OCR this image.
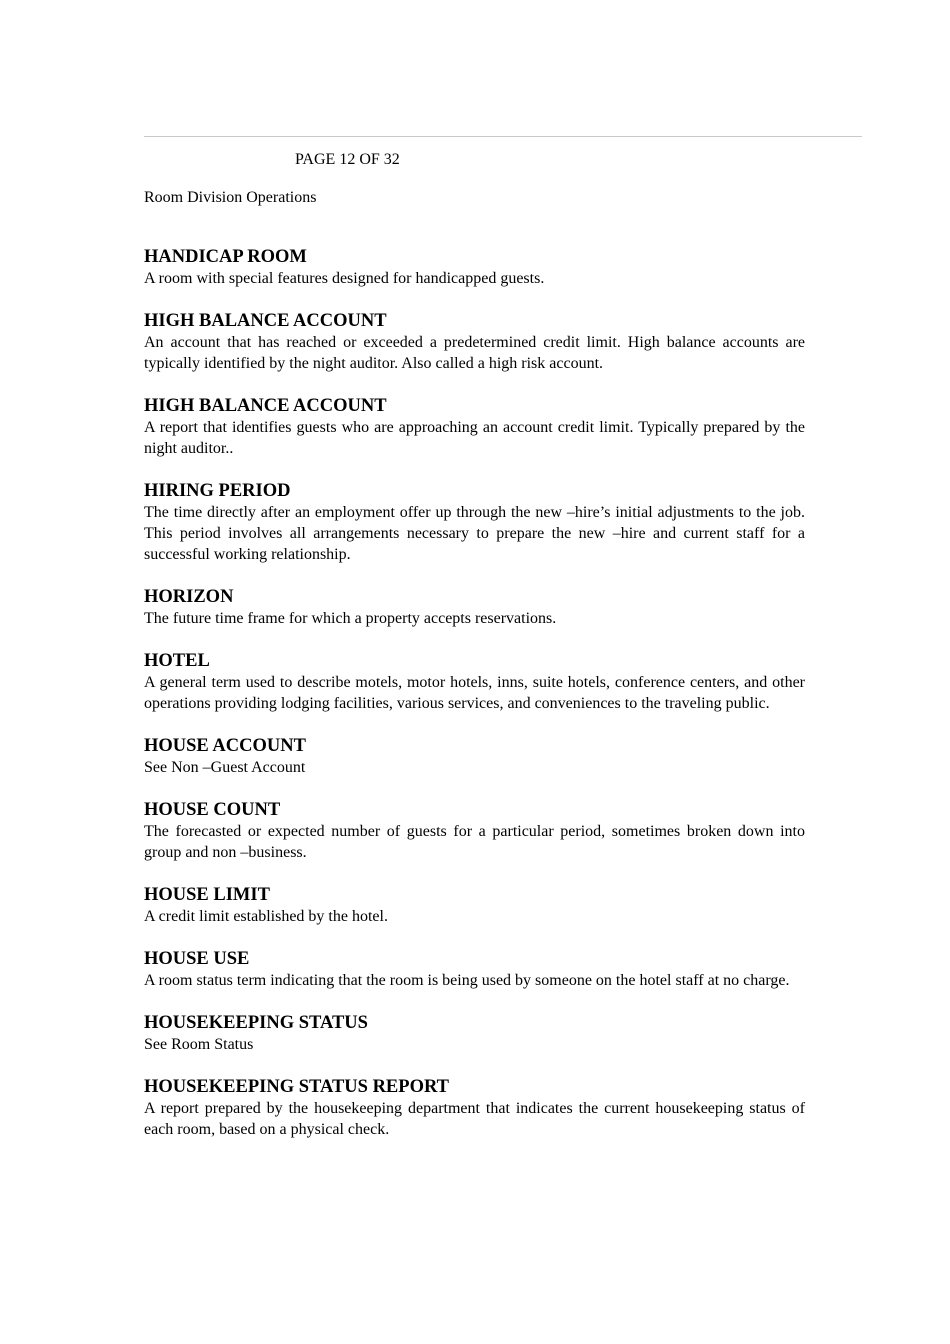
PAGE 12 OF 32
Room Division Operations
HANDICAP ROOM
A room with special features designed for handicapped guests.
HIGH BALANCE ACCOUNT
An account that has reached or exceeded a predetermined credit limit. High balance accounts are typically identified by the night auditor. Also called a high risk account.
HIGH BALANCE ACCOUNT
A report that identifies guests who are approaching an account credit limit. Typically prepared by the night auditor..
HIRING PERIOD
The time directly after an employment offer up through the new –hire’s initial adjustments to the job. This period involves all arrangements necessary to prepare the new –hire and current staff for a successful working relationship.
HORIZON
The future time frame for which a property accepts reservations.
HOTEL
A general term used to describe motels, motor hotels, inns, suite hotels, conference centers, and other operations providing lodging facilities, various services, and conveniences to the traveling public.
HOUSE ACCOUNT
See Non –Guest Account
HOUSE COUNT
The forecasted or expected number of guests for a particular period, sometimes broken down into group and non –business.
HOUSE LIMIT
A credit limit established by the hotel.
HOUSE USE
A room status term indicating that the room is being used by someone on the hotel staff at no charge.
HOUSEKEEPING STATUS
See Room Status
HOUSEKEEPING STATUS REPORT
A report prepared by the housekeeping department that indicates the current housekeeping status of each room, based on a physical check.
